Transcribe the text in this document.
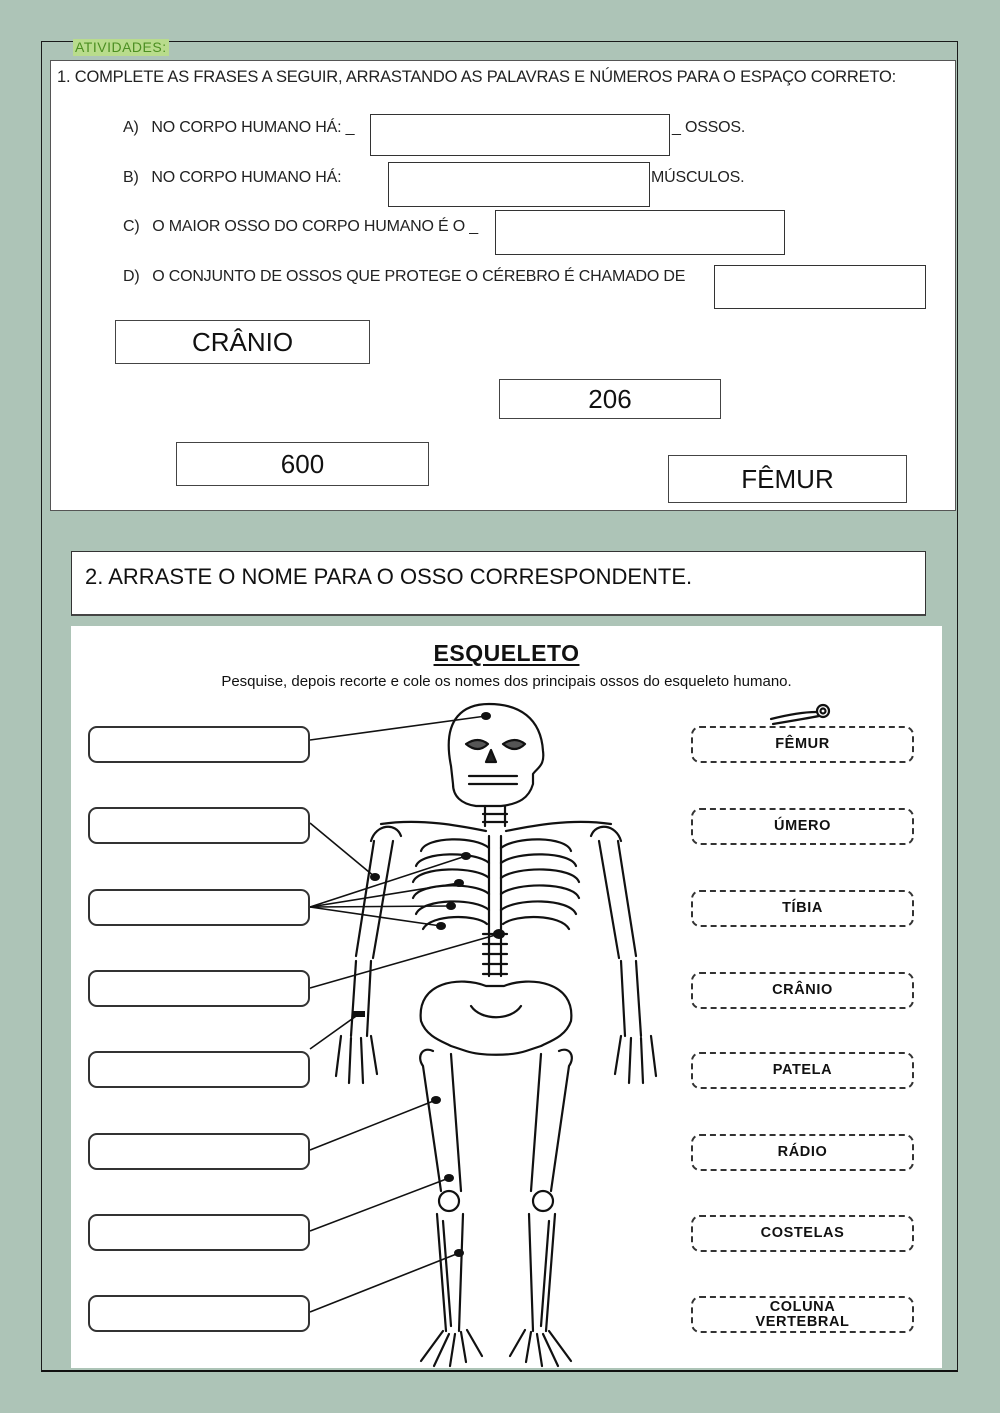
ATIVIDADES:
1. COMPLETE AS FRASES A SEGUIR, ARRASTANDO AS PALAVRAS E NÚMEROS PARA O ESPAÇO CORRETO:
A) NO CORPO HUMANO HÁ: _	_ OSSOS.
B) NO CORPO HUMANO HÁ:	MÚSCULOS.
C) O MAIOR OSSO DO CORPO HUMANO É O _
D) O CONJUNTO DE OSSOS QUE PROTEGE O CÉREBRO É CHAMADO DE
CRÂNIO
206
600	FÊMUR
2. ARRASTE O NOME PARA O OSSO CORRESPONDENTE.
ESQUELETO
Pesquise, depois recorte e cole os nomes dos principais ossos do esqueleto humano.
FÊMUR
ÚMERO
TÍBIA
CRÂNIO
PATELA
RÁDIO
COSTELAS
COLUNA VERTEBRAL
